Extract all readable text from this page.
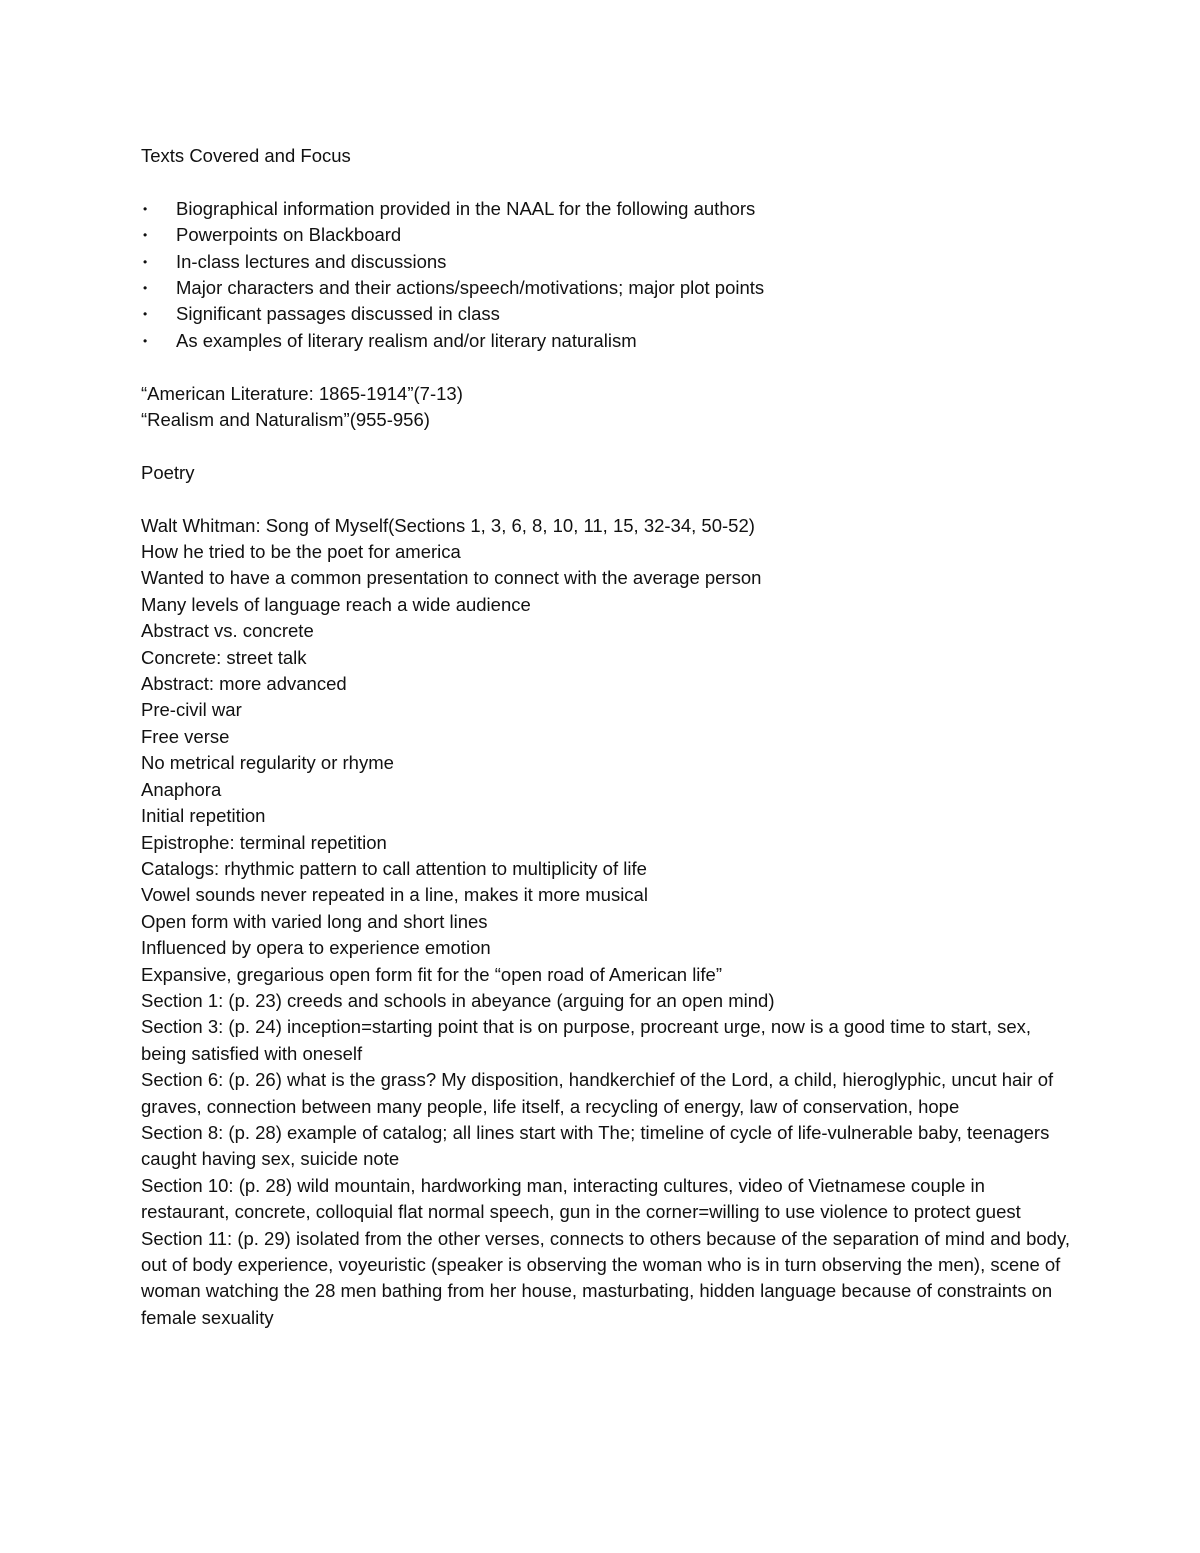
Texts Covered and Focus

• Biographical information provided in the NAAL for the following authors
• Powerpoints on Blackboard
• In-class lectures and discussions
• Major characters and their actions/speech/motivations; major plot points
• Significant passages discussed in class
• As examples of literary realism and/or literary naturalism

“American Literature: 1865-1914”(7-13)

“Realism and Naturalism”(955-956)

Poetry

Walt Whitman: Song of Myself(Sections 1, 3, 6, 8, 10, 11, 15, 32-34, 50-52)

How he tried to be the poet for america

Wanted to have a common presentation to connect with the average person

Many levels of language reach a wide audience

Abstract vs. concrete

Concrete: street talk

Abstract: more advanced

Pre-civil war

Free verse

No metrical regularity or rhyme

Anaphora

Initial repetition

Epistrophe: terminal repetition

Catalogs: rhythmic pattern to call attention to multiplicity of life

Vowel sounds never repeated in a line, makes it more musical

Open form with varied long and short lines

Influenced by opera to experience emotion

Expansive, gregarious open form fit for the “open road of American life”

Section 1: (p. 23) creeds and schools in abeyance (arguing for an open mind)

Section 3: (p. 24) inception=starting point that is on purpose, procreant urge, now is a good time to start, sex, being satisfied with oneself

Section 6: (p. 26) what is the grass? My disposition, handkerchief of the Lord, a child, hieroglyphic, uncut hair of graves, connection between many people, life itself, a recycling of energy, law of conservation, hope

Section 8: (p. 28) example of catalog; all lines start with The; timeline of cycle of life-vulnerable baby, teenagers caught having sex, suicide note

Section 10: (p. 28) wild mountain, hardworking man, interacting cultures, video of Vietnamese couple in restaurant, concrete, colloquial flat normal speech, gun in the corner=willing to use violence to protect guest

Section 11: (p. 29) isolated from the other verses, connects to others because of the separation of mind and body, out of body experience, voyeuristic (speaker is observing the woman who is in turn observing the men), scene of woman watching the 28 men bathing from her house, masturbating, hidden language because of constraints on female sexuality
